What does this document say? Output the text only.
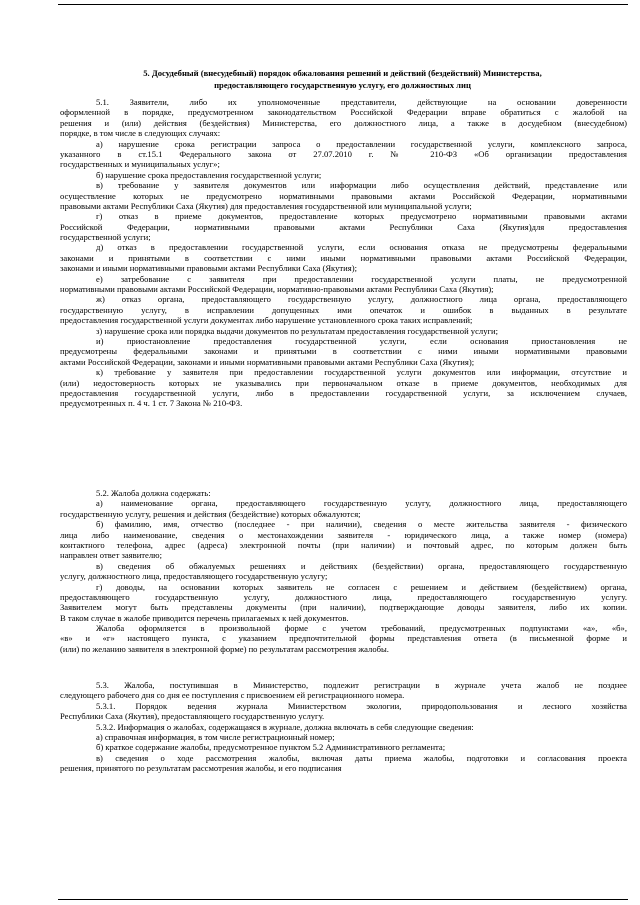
5. Досудебный (внесудебный) порядок обжалования решений и действий (бездействий) Министерства,
предоставляющего государственную услугу, его должностных лиц
5.1. Заявители, либо их уполномоченные представители, действующие на основании доверенности
оформленной в порядке, предусмотренном законодательством Российской Федерации вправе обратиться с жалобой на
решения и (или) действия (бездействия) Министерства, его должностного лица, а также в досудебном (внесудебном)
порядке, в том числе в следующих случаях:
а) нарушение срока регистрации запроса о предоставлении государственной услуги, комплексного запроса,
указанного в ст.15.1 Федерального закона от 27.07.2010 г. № 210-ФЗ «Об организации предоставления
государственных и муниципальных услуг»;
б) нарушение срока предоставления государственной услуги;
в) требование у заявителя документов или информации либо осуществления действий, представление или
осуществление которых не предусмотрено нормативными правовыми актами Российской Федерации, нормативными
правовыми актами Республики Саха (Якутия) для предоставления государственной или муниципальной услуги;
г) отказ в приеме документов, предоставление которых предусмотрено нормативными правовыми актами
Российской Федерации, нормативными правовыми актами Республики Саха (Якутия)для предоставления
государственной услуги;
д) отказ в предоставлении государственной услуги, если основания отказа не предусмотрены федеральными
законами и принятыми в соответствии с ними иными нормативными правовыми актами Российской Федерации,
законами и иными нормативными правовыми актами Республики Саха (Якутия);
е) затребование с заявителя при предоставлении государственной услуги платы, не предусмотренной
нормативными правовыми актами Российской Федерации, нормативно-правовыми актами Республики Саха (Якутия);
ж) отказ органа, предоставляющего государственную услугу, должностного лица органа, предоставляющего
государственную услугу, в исправлении допущенных ими опечаток и ошибок в выданных в результате
предоставления государственной услуги документах либо нарушение установленного срока таких исправлений;
з) нарушение срока или порядка выдачи документов по результатам предоставления государственной услуги;
и) приостановление предоставления государственной услуги, если основания приостановления не
предусмотрены федеральными законами и принятыми в соответствии с ними иными нормативными правовыми
актами Российской Федерации, законами и иными нормативными правовыми актами Республики Саха (Якутия);
к) требование у заявителя при предоставлении государственной услуги документов или информации, отсутствие и
(или) недостоверность которых не указывались при первоначальном отказе в приеме документов, необходимых для
предоставления государственной услуги, либо в предоставлении государственной услуги, за исключением случаев,
предусмотренных п. 4 ч. 1 ст. 7 Закона № 210-ФЗ.
5.2. Жалоба должна содержать:
а) наименование органа, предоставляющего государственную услугу, должностного лица, предоставляющего
государственную услугу, решения и действия (бездействие) которых обжалуются;
б) фамилию, имя, отчество (последнее - при наличии), сведения о месте жительства заявителя - физического
лица либо наименование, сведения о местонахождении заявителя - юридического лица, а также номер (номера)
контактного телефона, адрес (адреса) электронной почты (при наличии) и почтовый адрес, по которым должен быть
направлен ответ заявителю;
в) сведения об обжалуемых решениях и действиях (бездействии) органа, предоставляющего государственную
услугу, должностного лица, предоставляющего государственную услугу;
г) доводы, на основании которых заявитель не согласен с решением и действием (бездействием) органа,
предоставляющего государственную услугу, должностного лица, предоставляющего государственную услугу.
Заявителем могут быть представлены документы (при наличии), подтверждающие доводы заявителя, либо их копии.
В таком случае в жалобе приводится перечень прилагаемых к ней документов.
Жалоба оформляется в произвольной форме с учетом требований, предусмотренных подпунктами «а», «б»,
«в» и «г» настоящего пункта, с указанием предпочтительной формы представления ответа (в письменной форме и
(или) по желанию заявителя в электронной форме) по результатам рассмотрения жалобы.
5.3. Жалоба, поступившая в Министерство, подлежит регистрации в журнале учета жалоб не позднее
следующего рабочего дня со дня ее поступления с присвоением ей регистрационного номера.
5.3.1. Порядок ведения журнала Министерством экологии, природопользования и лесного хозяйства
Республики Саха (Якутия), предоставляющего государственную услугу.
5.3.2. Информация о жалобах, содержащаяся в журнале, должна включать в себя следующие сведения:
а) справочная информация, в том числе регистрационный номер;
б) краткое содержание жалобы, предусмотренное пунктом 5.2 Административного регламента;
в) сведения о ходе рассмотрения жалобы, включая даты приема жалобы, подготовки и согласования проекта
решения, принятого по результатам рассмотрения жалобы, и его подписания
